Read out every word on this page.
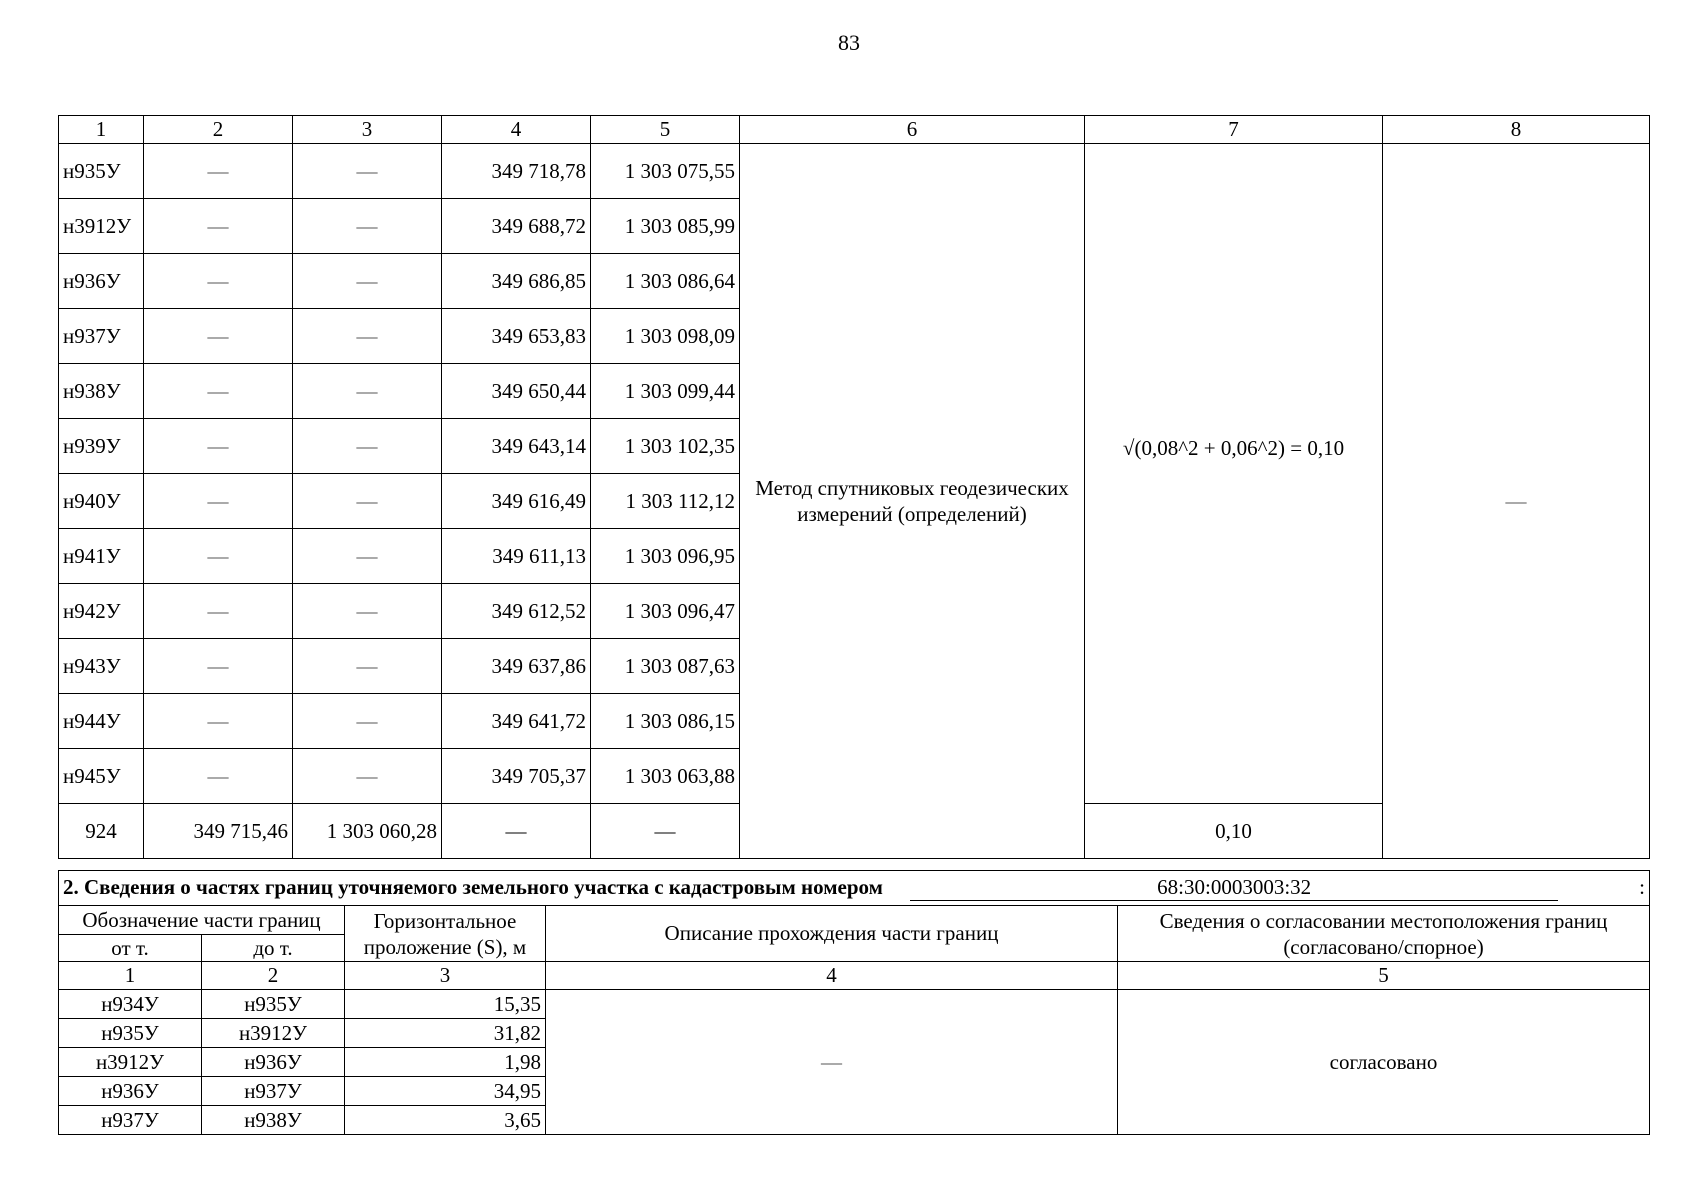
83
1	2	3	4	5	6	7	8
н935У	—	—	349 718,78	1 303 075,55	Метод спутниковых геодезических измерений (определений)	√(0,08^2 + 0,06^2) = 0,10	—
н3912У	—	—	349 688,72	1 303 085,99			
н936У	—	—	349 686,85	1 303 086,64			
н937У	—	—	349 653,83	1 303 098,09			
н938У	—	—	349 650,44	1 303 099,44			
н939У	—	—	349 643,14	1 303 102,35			
н940У	—	—	349 616,49	1 303 112,12			
н941У	—	—	349 611,13	1 303 096,95			
н942У	—	—	349 612,52	1 303 096,47			
н943У	—	—	349 637,86	1 303 087,63			
н944У	—	—	349 641,72	1 303 086,15			
н945У	—	—	349 705,37	1 303 063,88			
924	349 715,46	1 303 060,28	—	—		0,10	
2. Сведения о частях границ уточняемого земельного участка с кадастровым номером 68:30:0003003:32 :				

Обозначение части границ		Горизонтальное проложение (S), м	Описание прохождения части границ	Сведения о согласовании местоположения границ (согласовано/спорное)
от т.	до т.			
1	2	3	4	5
н934У	н935У	15,35	—	согласовано
н935У	н3912У	31,82		
н3912У	н936У	1,98		
н936У	н937У	34,95		
н937У	н938У	3,65		
